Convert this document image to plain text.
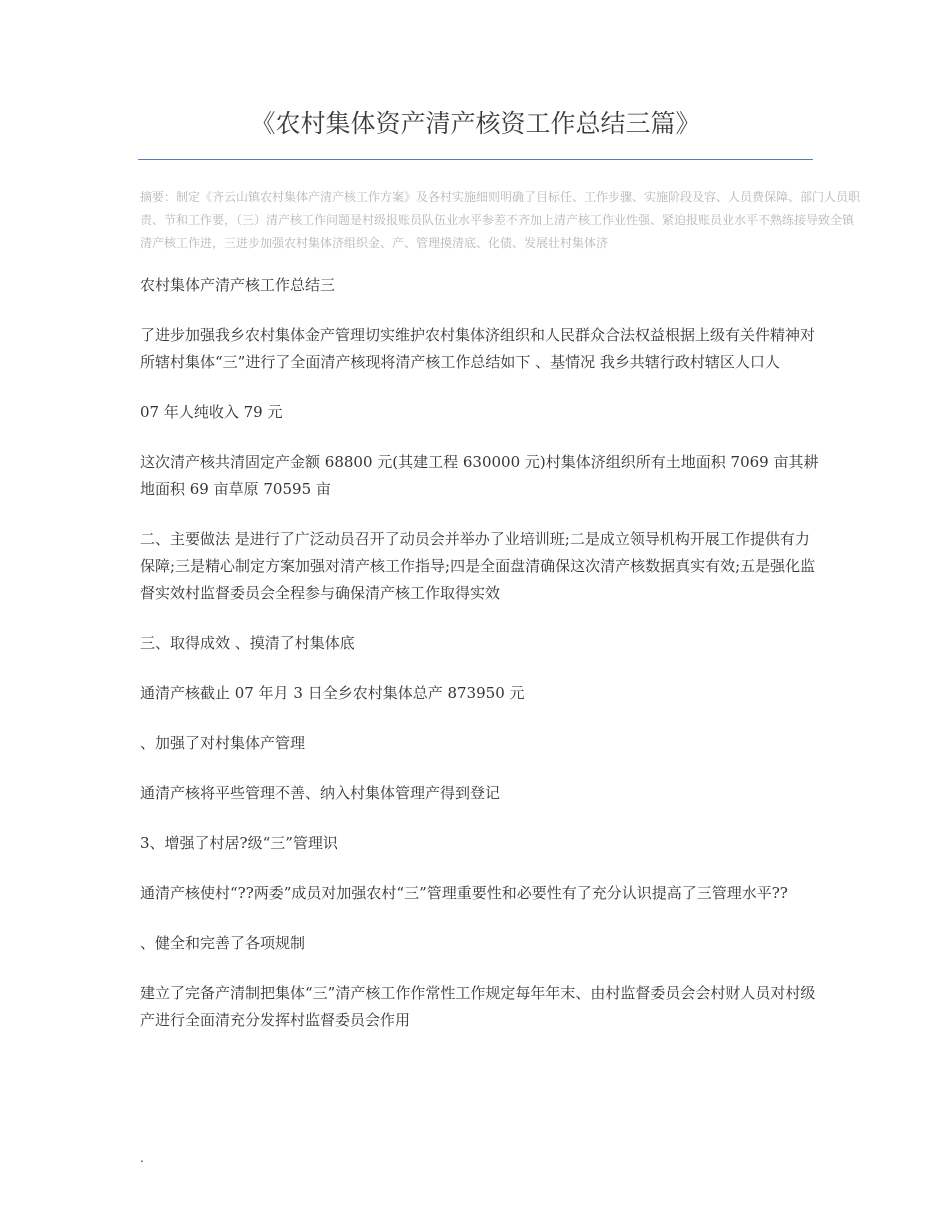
《农村集体资产清产核资工作总结三篇》
摘要：制定《齐云山镇农村集体产清产核工作方案》及各村实施细则明确了目标任、工作步骤、实施阶段及容、人员费保障、部门人员职责、节和工作要，（三）清产核工作问题是村级报账员队伍业水平参差不齐加上清产核工作业性强、紧迫报账员业水平不熟练接导致全镇清产核工作进，三进步加强农村集体济组织金、产、管理摸清底、化债、发展壮村集体济

农村集体产清产核工作总结三

了进步加强我乡农村集体金产管理切实维护农村集体济组织和人民群众合法权益根据上级有关件精神对所辖村集体“三”进行了全面清产核现将清产核工作总结如下 、基情况 我乡共辖行政村辖区人口人

07 年人纯收入 79 元

这次清产核共清固定产金额 68800 元(其建工程 630000 元)村集体济组织所有土地面积 7069 亩其耕地面积 69 亩草原 70595 亩

二、主要做法 是进行了广泛动员召开了动员会并举办了业培训班;二是成立领导机构开展工作提供有力保障;三是精心制定方案加强对清产核工作指导;四是全面盘清确保这次清产核数据真实有效;五是强化监督实效村监督委员会全程参与确保清产核工作取得实效

三、取得成效 、摸清了村集体底

通清产核截止 07 年月 3 日全乡农村集体总产 873950 元

、加强了对村集体产管理

通清产核将平些管理不善、纳入村集体管理产得到登记

3、增强了村居?级“三”管理识

通清产核使村“??两委”成员对加强农村“三”管理重要性和必要性有了充分认识提高了三管理水平??

、健全和完善了各项规制

建立了完备产清制把集体“三”清产核工作作常性工作规定每年年末、由村监督委员会会村财人员对村级产进行全面清充分发挥村监督委员会作用

.
